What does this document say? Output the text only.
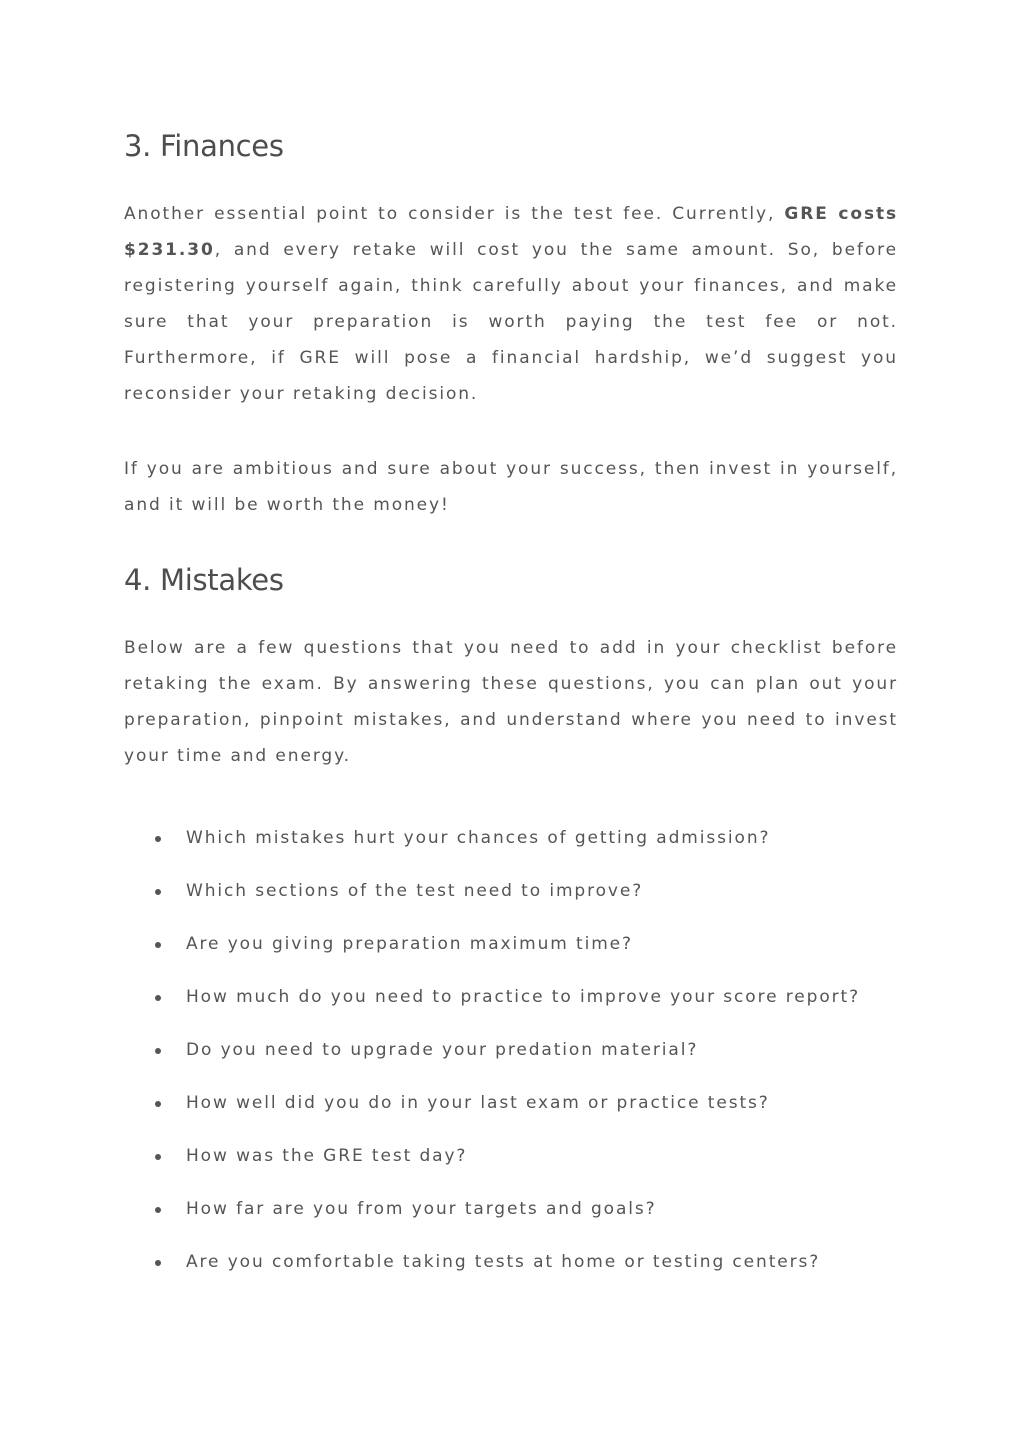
3. Finances

Another essential point to consider is the test fee. Currently, GRE costs $231.30, and every retake will cost you the same amount. So, before registering yourself again, think carefully about your finances, and make sure that your preparation is worth paying the test fee or not. Furthermore, if GRE will pose a financial hardship, we’d suggest you reconsider your retaking decision.

If you are ambitious and sure about your success, then invest in yourself, and it will be worth the money!

4. Mistakes

Below are a few questions that you need to add in your checklist before retaking the exam. By answering these questions, you can plan out your preparation, pinpoint mistakes, and understand where you need to invest your time and energy.

Which mistakes hurt your chances of getting admission?
Which sections of the test need to improve?
Are you giving preparation maximum time?
How much do you need to practice to improve your score report?
Do you need to upgrade your predation material?
How well did you do in your last exam or practice tests?
How was the GRE test day?
How far are you from your targets and goals?
Are you comfortable taking tests at home or testing centers?
